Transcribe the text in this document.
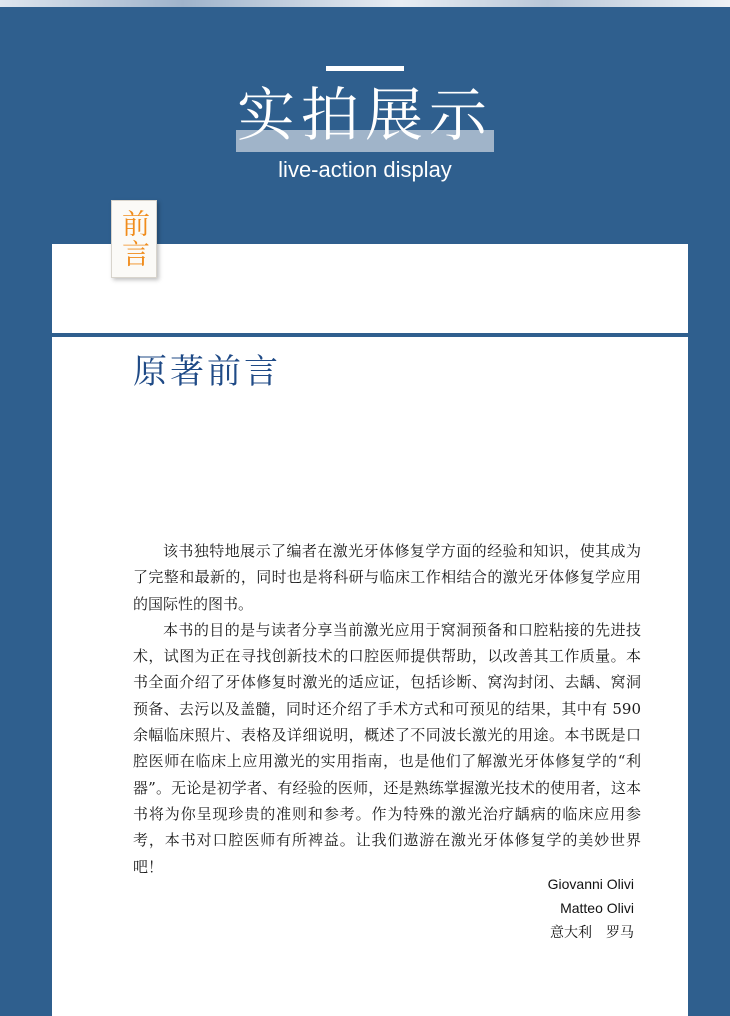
实拍展示
live-action display
前言
原著前言

该书独特地展示了编者在激光牙体修复学方面的经验和知识，使其成为了完整和最新的，同时也是将科研与临床工作相结合的激光牙体修复学应用的国际性的图书。

本书的目的是与读者分享当前激光应用于窝洞预备和口腔粘接的先进技术，试图为正在寻找创新技术的口腔医师提供帮助，以改善其工作质量。本书全面介绍了牙体修复时激光的适应证，包括诊断、窝沟封闭、去龋、窝洞预备、去污以及盖髓，同时还介绍了手术方式和可预见的结果，其中有 590 余幅临床照片、表格及详细说明，概述了不同波长激光的用途。本书既是口腔医师在临床上应用激光的实用指南，也是他们了解激光牙体修复学的“利器”。无论是初学者、有经验的医师，还是熟练掌握激光技术的使用者，这本书将为你呈现珍贵的准则和参考。作为特殊的激光治疗龋病的临床应用参考，本书对口腔医师有所裨益。让我们遨游在激光牙体修复学的美妙世界吧！

Giovanni Olivi
Matteo Olivi
意大利　罗马
